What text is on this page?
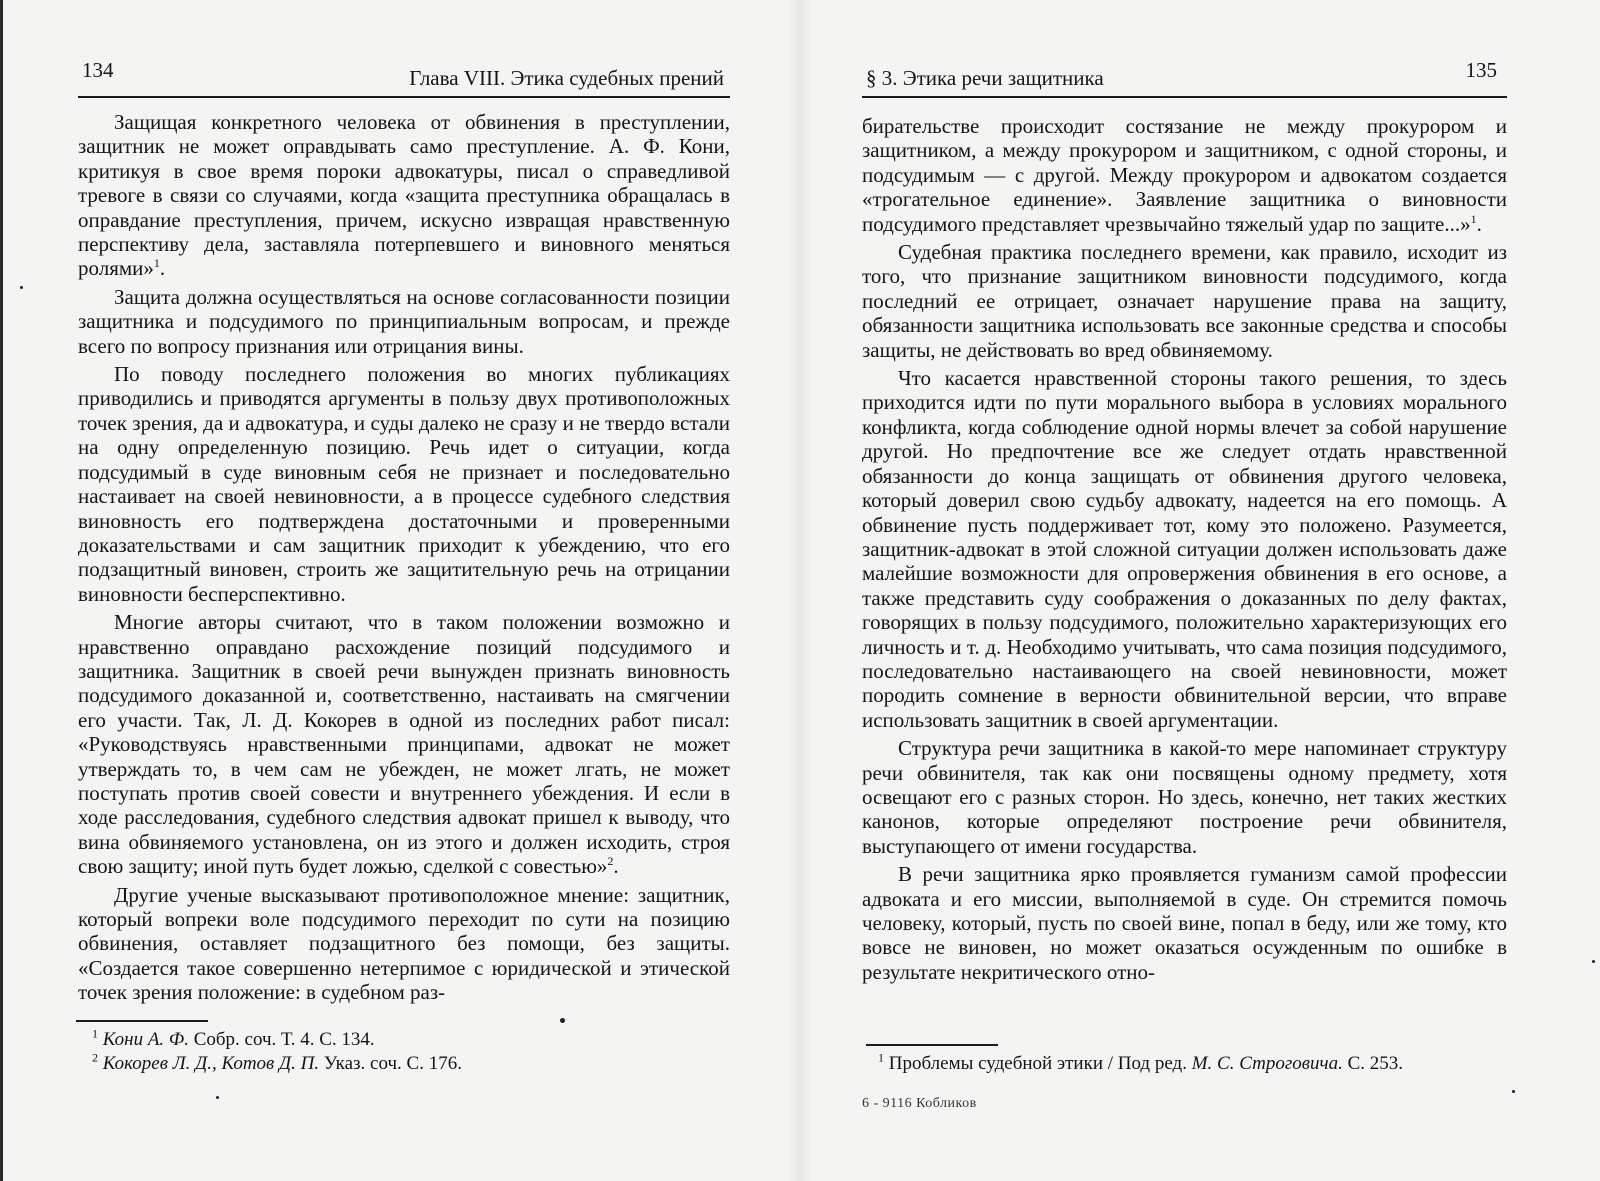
134	Глава VIII. Этика судебных прений

Защищая конкретного человека от обвинения в преступлении, защитник не может оправдывать само преступление. А. Ф. Кони, критикуя в свое время пороки адвокатуры, писал о справедливой тревоге в связи со случаями, когда «защита преступника обращалась в оправдание преступления, причем, искусно извращая нравственную перспективу дела, заставляла потерпевшего и виновного меняться ролями»$^1$.

Защита должна осуществляться на основе согласованности позиции защитника и подсудимого по принципиальным вопросам, и прежде всего по вопросу признания или отрицания вины.

По поводу последнего положения во многих публикациях приводились и приводятся аргументы в пользу двух противоположных точек зрения, да и адвокатура, и суды далеко не сразу и не твердо встали на одну определенную позицию. Речь идет о ситуации, когда подсудимый в суде виновным себя не признает и последовательно настаивает на своей невиновности, а в процессе судебного следствия виновность его подтверждена достаточными и проверенными доказательствами и сам защитник приходит к убеждению, что его подзащитный виновен, строить же защитительную речь на отрицании виновности бесперспективно.

Многие авторы считают, что в таком положении возможно и нравственно оправдано расхождение позиций подсудимого и защитника. Защитник в своей речи вынужден признать виновность подсудимого доказанной и, соответственно, настаивать на смягчении его участи. Так, Л. Д. Кокорев в одной из последних работ писал: «Руководствуясь нравственными принципами, адвокат не может утверждать то, в чем сам не убежден, не может лгать, не может поступать против своей совести и внутреннего убеждения. И если в ходе расследования, судебного следствия адвокат пришел к выводу, что вина обвиняемого установлена, он из этого и должен исходить, строя свою защиту; иной путь будет ложью, сделкой с совестью»$^2$.

Другие ученые высказывают противоположное мнение: защитник, который вопреки воле подсудимого переходит по сути на позицию обвинения, оставляет подзащитного без помощи, без защиты. «Создается такое совершенно нетерпимое с юридической и этической точек зрения положение: в судебном раз-

$^1$ Кони А. Ф. Собр. соч. Т. 4. С. 134.

$^2$ Кокорев Л. Д., Котов Д. П. Указ. соч. С. 176.

§ 3. Этика речи защитника	135

бирательстве происходит состязание не между прокурором и защитником, а между прокурором и защитником, с одной стороны, и подсудимым — с другой. Между прокурором и адвокатом создается «трогательное единение». Заявление защитника о виновности подсудимого представляет чрезвычайно тяжелый удар по защите...»$^1$.

Судебная практика последнего времени, как правило, исходит из того, что признание защитником виновности подсудимого, когда последний ее отрицает, означает нарушение права на защиту, обязанности защитника использовать все законные средства и способы защиты, не действовать во вред обвиняемому.

Что касается нравственной стороны такого решения, то здесь приходится идти по пути морального выбора в условиях морального конфликта, когда соблюдение одной нормы влечет за собой нарушение другой. Но предпочтение все же следует отдать нравственной обязанности до конца защищать от обвинения другого человека, который доверил свою судьбу адвокату, надеется на его помощь. А обвинение пусть поддерживает тот, кому это положено. Разумеется, защитник-адвокат в этой сложной ситуации должен использовать даже малейшие возможности для опровержения обвинения в его основе, а также представить суду соображения о доказанных по делу фактах, говорящих в пользу подсудимого, положительно характеризующих его личность и т. д. Необходимо учитывать, что сама позиция подсудимого, последовательно настаивающего на своей невиновности, может породить сомнение в верности обвинительной версии, что вправе использовать защитник в своей аргументации.

Структура речи защитника в какой-то мере напоминает структуру речи обвинителя, так как они посвящены одному предмету, хотя освещают его с разных сторон. Но здесь, конечно, нет таких жестких канонов, которые определяют построение речи обвинителя, выступающего от имени государства.

В речи защитника ярко проявляется гуманизм самой профессии адвоката и его миссии, выполняемой в суде. Он стремится помочь человеку, который, пусть по своей вине, попал в беду, или же тому, кто вовсе не виновен, но может оказаться осужденным по ошибке в результате некритического отно-

$^1$ Проблемы судебной этики / Под ред. М. С. Строговича. С. 253.

6 - 9116 Кобликов
